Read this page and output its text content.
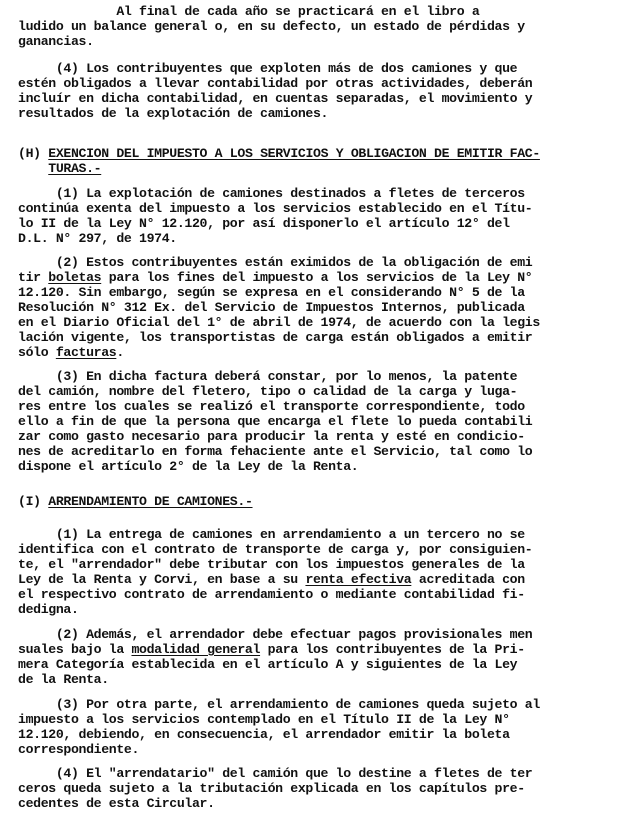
Al final de cada año se practicará en el libro a
ludido un balance general o, en su defecto, un estado de pérdidas y
ganancias.
(4) Los contribuyentes que exploten más de dos camiones y que
estén obligados a llevar contabilidad por otras actividades, deberán
incluír en dicha contabilidad, en cuentas separadas, el movimiento y
resultados de la explotación de camiones.
(H) EXENCION DEL IMPUESTO A LOS SERVICIOS Y OBLIGACION DE EMITIR FAC-
TURAS.-
(1) La explotación de camiones destinados a fletes de terceros
continúa exenta del impuesto a los servicios establecido en el Títu-
lo II de la Ley N° 12.120, por así disponerlo el artículo 12° del
D.L. N° 297, de 1974.
(2) Estos contribuyentes están eximidos de la obligación de emi
tir boletas para los fines del impuesto a los servicios de la Ley N°
12.120. Sin embargo, según se expresa en el considerando N° 5 de la
Resolución N° 312 Ex. del Servicio de Impuestos Internos, publicada
en el Diario Oficial del 1° de abril de 1974, de acuerdo con la legis
lación vigente, los transportistas de carga están obligados a emitir
sólo facturas.
(3) En dicha factura deberá constar, por lo menos, la patente
del camión, nombre del fletero, tipo o calidad de la carga y luga-
res entre los cuales se realizó el transporte correspondiente, todo
ello a fin de que la persona que encarga el flete lo pueda contabili
zar como gasto necesario para producir la renta y esté en condicio-
nes de acreditarlo en forma fehaciente ante el Servicio, tal como lo
dispone el artículo 2° de la Ley de la Renta.
(I) ARRENDAMIENTO DE CAMIONES.-
(1) La entrega de camiones en arrendamiento a un tercero no se
identifica con el contrato de transporte de carga y, por consiguien-
te, el "arrendador" debe tributar con los impuestos generales de la
Ley de la Renta y Corvi, en base a su renta efectiva acreditada con
el respectivo contrato de arrendamiento o mediante contabilidad fi-
dedigna.
(2) Además, el arrendador debe efectuar pagos provisionales men
suales bajo la modalidad general para los contribuyentes de la Pri-
mera Categoría establecida en el artículo A y siguientes de la Ley
de la Renta.
(3) Por otra parte, el arrendamiento de camiones queda sujeto al
impuesto a los servicios contemplado en el Título II de la Ley N°
12.120, debiendo, en consecuencia, el arrendador emitir la boleta
correspondiente.
(4) El "arrendatario" del camión que lo destine a fletes de ter
ceros queda sujeto a la tributación explicada en los capítulos pre-
cedentes de esta Circular.
